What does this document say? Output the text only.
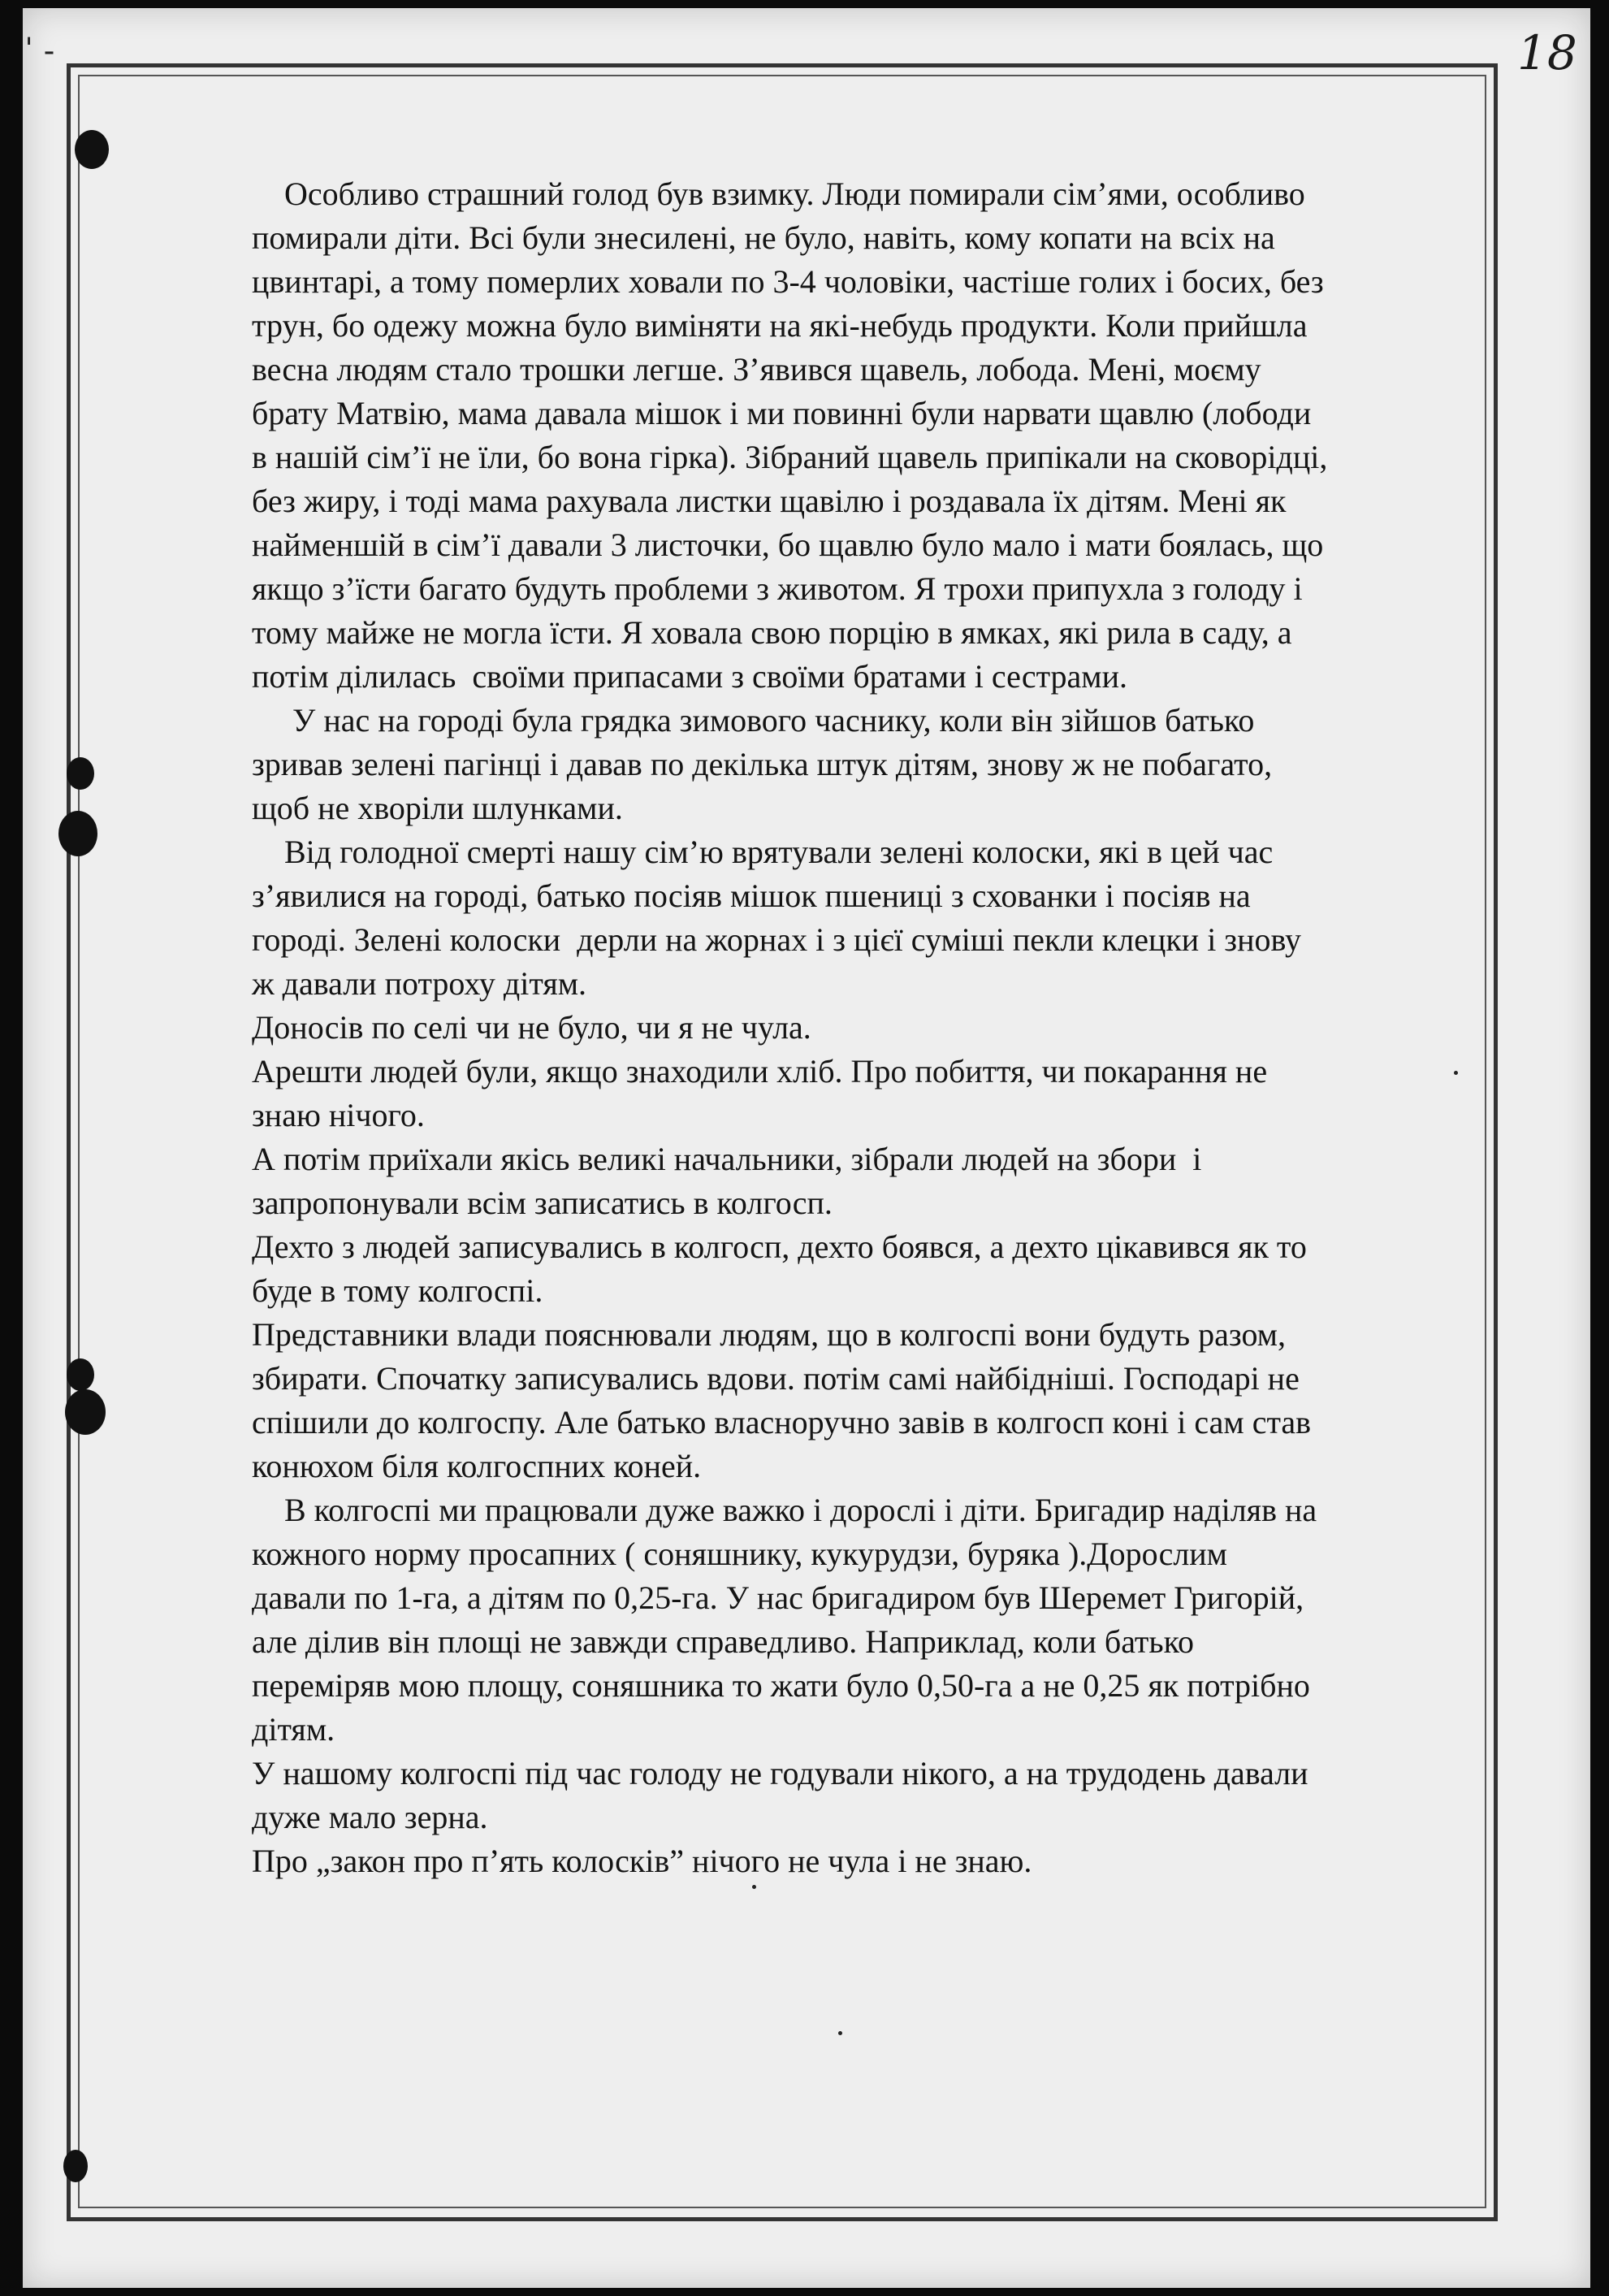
ˈ -	18
Особливо страшний голод був взимку. Люди помирали сім’ями, особливо
помирали діти. Всі були знесилені, не було, навіть, кому копати на всіх на
цвинтарі, а тому померлих ховали по 3-4 чоловіки, частіше голих і босих, без
трун, бо одежу можна було виміняти на які-небудь продукти. Коли прийшла
весна людям стало трошки легше. З’явився щавель, лобода. Мені, моєму
брату Матвію, мама давала мішок і ми повинні були нарвати щавлю (лободи
в нашій сім’ї не їли, бо вона гірка). Зібраний щавель припікали на сковорідці,
без жиру, і тоді мама рахувала листки щавілю і роздавала їх дітям. Мені як
найменшій в сім’ї давали 3 листочки, бо щавлю було мало і мати боялась, що
якщо з’їсти багато будуть проблеми з животом. Я трохи припухла з голоду і
тому майже не могла їсти. Я ховала свою порцію в ямках, які рила в саду, а
потім ділилась  своїми припасами з своїми братами і сестрами.
У нас на городі була грядка зимового часнику, коли він зійшов батько
зривав зелені пагінці і давав по декілька штук дітям, знову ж не побагато,
щоб не хворіли шлунками.
Від голодної смерті нашу сім’ю врятували зелені колоски, які в цей час
з’явилися на городі, батько посіяв мішок пшениці з схованки і посіяв на
городі. Зелені колоски  дерли на жорнах і з цієї суміші пекли клецки і знову
ж давали потроху дітям.
Доносів по селі чи не було, чи я не чула.
Арешти людей були, якщо знаходили хліб. Про побиття, чи покарання не
знаю нічого.
А потім приїхали якісь великі начальники, зібрали людей на збори  і
запропонували всім записатись в колгосп.
Дехто з людей записувались в колгосп, дехто боявся, а дехто цікавився як то
буде в тому колгоспі.
Представники влади пояснювали людям, що в колгоспі вони будуть разом,
збирати. Спочатку записувались вдови. потім самі найбідніші. Господарі не
спішили до колгоспу. Але батько власноручно завів в колгосп коні і сам став
конюхом біля колгоспних коней.
В колгоспі ми працювали дуже важко і дорослі і діти. Бригадир наділяв на
кожного норму просапних ( соняшнику, кукурудзи, буряка ).Дорослим
давали по 1-га, а дітям по 0,25-га. У нас бригадиром був Шеремет Григорій,
але ділив він площі не завжди справедливо. Наприклад, коли батько
переміряв мою площу, соняшника то жати було 0,50-га а не 0,25 як потрібно
дітям.
У нашому колгоспі під час голоду не годували нікого, а на трудодень давали
дуже мало зерна.
Про „закон про п’ять колосків” нічого не чула і не знаю.
